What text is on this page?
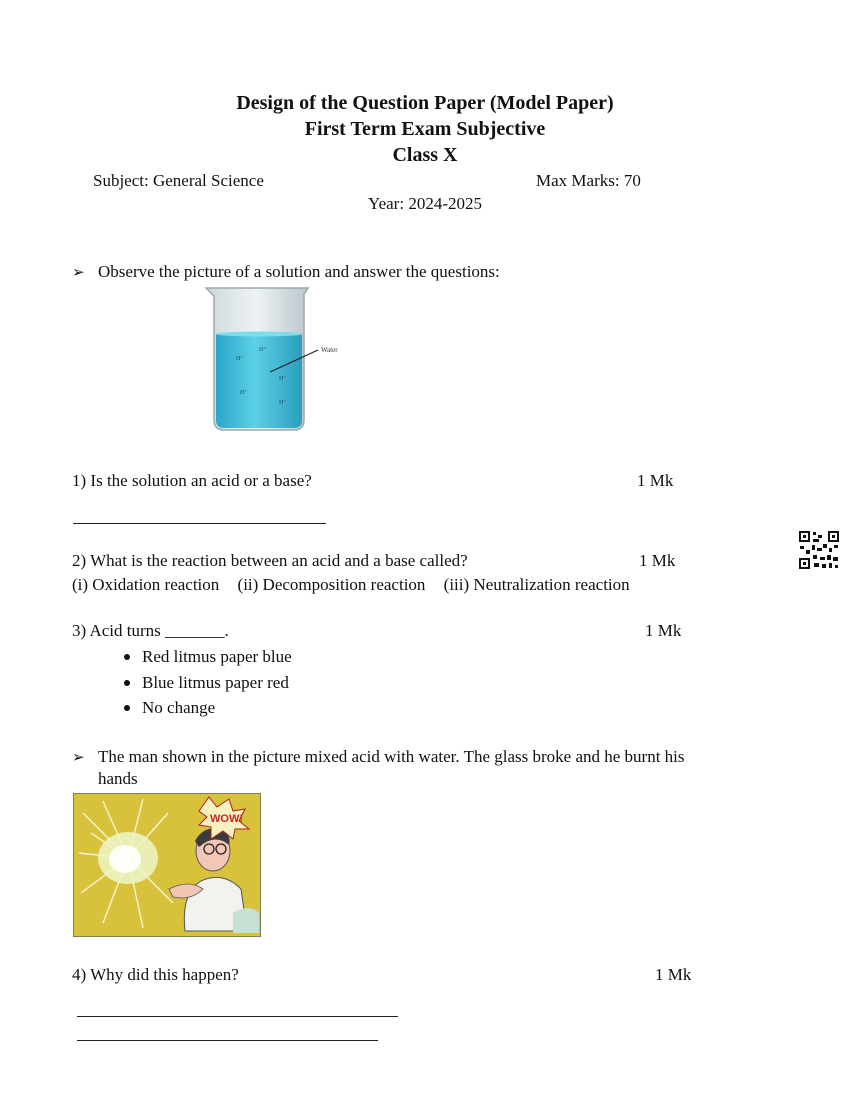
Design of the Question Paper (Model Paper)
First Term Exam Subjective
Class X
Subject: General Science	Max Marks: 70
Year: 2024-2025
➢ Observe the picture of a solution and answer the questions:
Water
H⁺
H⁺
H⁺
H⁺
H⁺
1) Is the solution an acid or a base?	1 Mk
2) What is the reaction between an acid and a base called?	1 Mk
(i) Oxidation reaction (ii) Decomposition reaction (iii) Neutralization reaction
3) Acid turns _______.	1 Mk
Red litmus paper blue
Blue litmus paper red
No change
➢ The man shown in the picture mixed acid with water. The glass broke and he burnt his
hands
WOW!
4) Why did this happen?	1 Mk
